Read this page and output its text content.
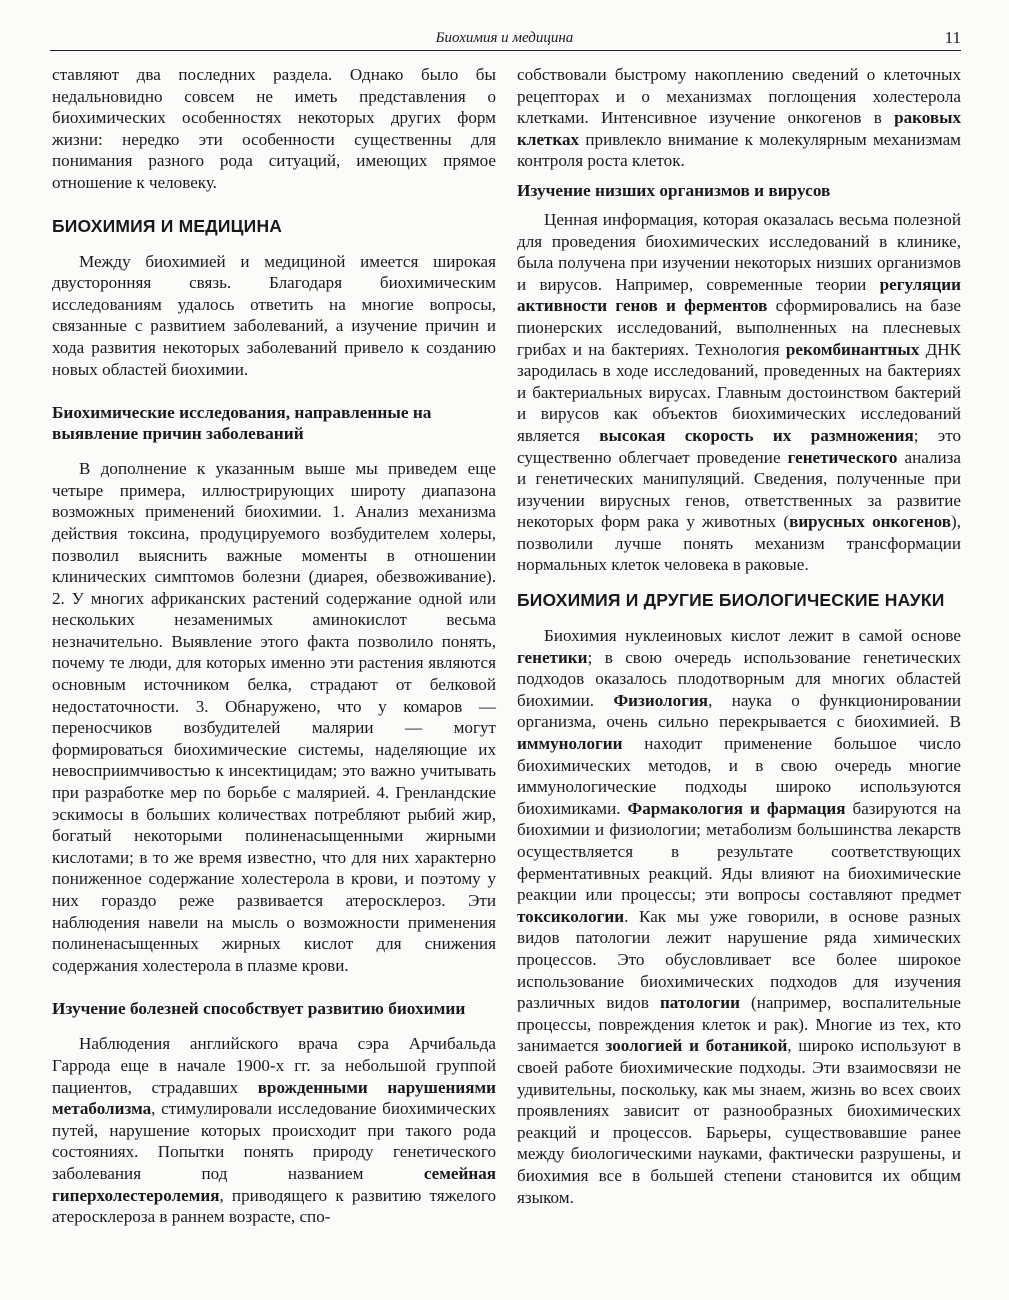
Биохимия и медицина	11

ставляют два последних раздела. Однако было бы недальновидно совсем не иметь представления о биохимических особенностях некоторых других форм жизни: нередко эти особенности существенны для понимания разного рода ситуаций, имеющих прямое отношение к человеку.

БИОХИМИЯ И МЕДИЦИНА

Между биохимией и медициной имеется широкая двусторонняя связь. Благодаря биохимическим исследованиям удалось ответить на многие вопросы, связанные с развитием заболеваний, а изучение причин и хода развития некоторых заболеваний привело к созданию новых областей биохимии.

Биохимические исследования, направленные на выявление причин заболеваний

В дополнение к указанным выше мы приведем еще четыре примера, иллюстрирующих широту диапазона возможных применений биохимии. 1. Анализ механизма действия токсина, продуцируемого возбудителем холеры, позволил выяснить важные моменты в отношении клинических симптомов болезни (диарея, обезвоживание). 2. У многих африканских растений содержание одной или нескольких незаменимых аминокислот весьма незначительно. Выявление этого факта позволило понять, почему те люди, для которых именно эти растения являются основным источником белка, страдают от белковой недостаточности. 3. Обнаружено, что у комаров — переносчиков возбудителей малярии — могут формироваться биохимические системы, наделяющие их невосприимчивостью к инсектицидам; это важно учитывать при разработке мер по борьбе с малярией. 4. Гренландские эскимосы в больших количествах потребляют рыбий жир, богатый некоторыми полиненасыщенными жирными кислотами; в то же время известно, что для них характерно пониженное содержание холестерола в крови, и поэтому у них гораздо реже развивается атеросклероз. Эти наблюдения навели на мысль о возможности применения полиненасыщенных жирных кислот для снижения содержания холестерола в плазме крови.

Изучение болезней способствует развитию биохимии

Наблюдения английского врача сэра Арчибальда Гаррода еще в начале 1900-х гг. за небольшой группой пациентов, страдавших врожденными нарушениями метаболизма, стимулировали исследование биохимических путей, нарушение которых происходит при такого рода состояниях. Попытки понять природу генетического заболевания под названием семейная гиперхолестеролемия, приводящего к развитию тяжелого атеросклероза в раннем возрасте, спо-

собствовали быстрому накоплению сведений о клеточных рецепторах и о механизмах поглощения холестерола клетками. Интенсивное изучение онкогенов в раковых клетках привлекло внимание к молекулярным механизмам контроля роста клеток.

Изучение низших организмов и вирусов

Ценная информация, которая оказалась весьма полезной для проведения биохимических исследований в клинике, была получена при изучении некоторых низших организмов и вирусов. Например, современные теории регуляции активности генов и ферментов сформировались на базе пионерских исследований, выполненных на плесневых грибах и на бактериях. Технология рекомбинантных ДНК зародилась в ходе исследований, проведенных на бактериях и бактериальных вирусах. Главным достоинством бактерий и вирусов как объектов биохимических исследований является высокая скорость их размножения; это существенно облегчает проведение генетического анализа и генетических манипуляций. Сведения, полученные при изучении вирусных генов, ответственных за развитие некоторых форм рака у животных (вирусных онкогенов), позволили лучше понять механизм трансформации нормальных клеток человека в раковые.

БИОХИМИЯ И ДРУГИЕ БИОЛОГИЧЕСКИЕ НАУКИ

Биохимия нуклеиновых кислот лежит в самой основе генетики; в свою очередь использование генетических подходов оказалось плодотворным для многих областей биохимии. Физиология, наука о функционировании организма, очень сильно перекрывается с биохимией. В иммунологии находит применение большое число биохимических методов, и в свою очередь многие иммунологические подходы широко используются биохимиками. Фармакология и фармация базируются на биохимии и физиологии; метаболизм большинства лекарств осуществляется в результате соответствующих ферментативных реакций. Яды влияют на биохимические реакции или процессы; эти вопросы составляют предмет токсикологии. Как мы уже говорили, в основе разных видов патологии лежит нарушение ряда химических процессов. Это обусловливает все более широкое использование биохимических подходов для изучения различных видов патологии (например, воспалительные процессы, повреждения клеток и рак). Многие из тех, кто занимается зоологией и ботаникой, широко используют в своей работе биохимические подходы. Эти взаимосвязи не удивительны, поскольку, как мы знаем, жизнь во всех своих проявлениях зависит от разнообразных биохимических реакций и процессов. Барьеры, существовавшие ранее между биологическими науками, фактически разрушены, и биохимия все в большей степени становится их общим языком.
